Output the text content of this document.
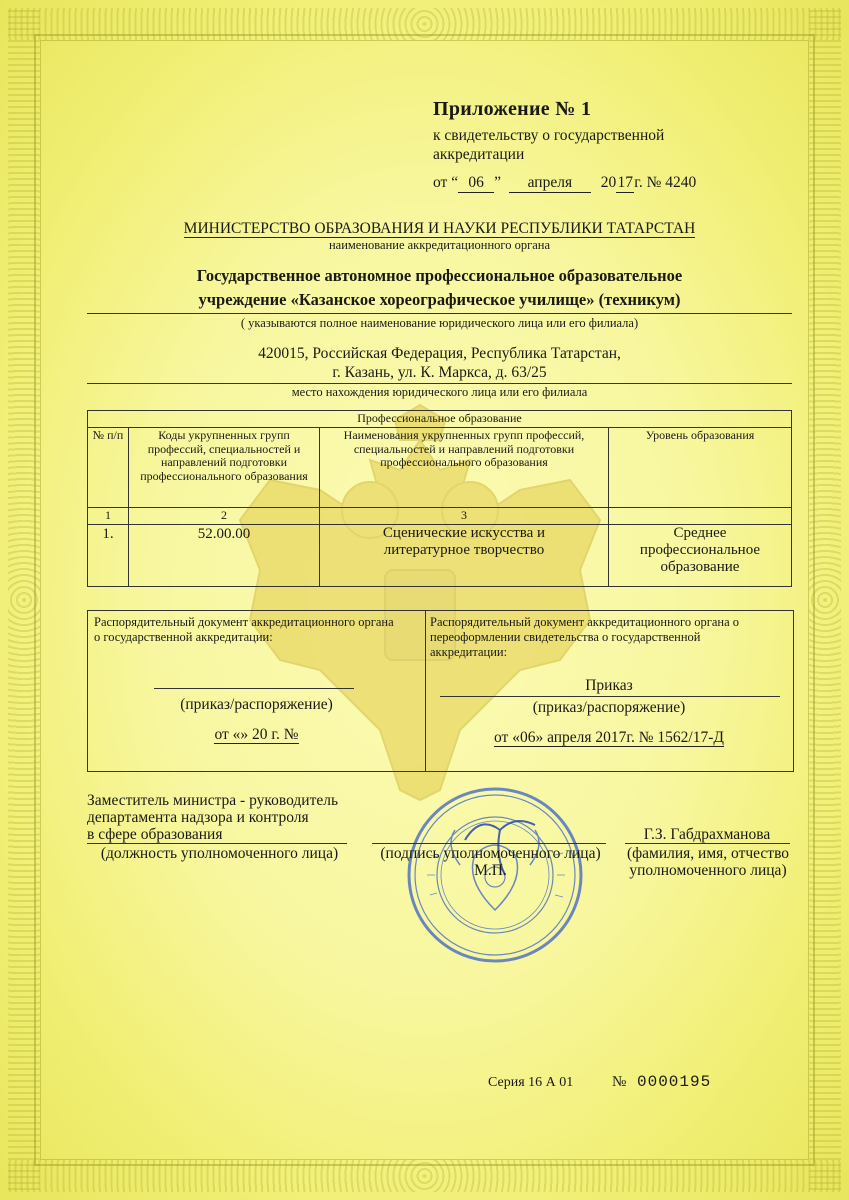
Приложение № 1
к свидетельству о государственной
аккредитации
от “ 06 ” апреля 2017г. № 4240
МИНИСТЕРСТВО ОБРАЗОВАНИЯ И НАУКИ РЕСПУБЛИКИ ТАТАРСТАН
наименование аккредитационного органа
Государственное автономное профессиональное образовательное
учреждение «Казанское хореографическое училище» (техникум)
( указываются полное наименование юридического лица или его филиала)
420015, Российская Федерация, Республика Татарстан,
г. Казань, ул. К. Маркса, д. 63/25
место нахождения юридического лица или его филиала
Профессиональное образование			
№ п/п	Коды укрупненных групп профессий, специальностей и направлений подготовки профессионального образования	Наименования укрупненных групп профессий, специальностей и направлений подготовки профессионального образования	Уровень образования
1	2	3	
1.	52.00.00	Сценические искусства и литературное творчество	Среднее профессиональное образование
Распорядительный документ аккредитационного органа о государственной аккредитации:
(приказ/распоряжение)
от «» 20 г. №
Распорядительный документ аккредитационного органа о переоформлении свидетельства о государственной аккредитации:
Приказ
(приказ/распоряжение)
от «06» апреля 2017г. № 1562/17-Д
Заместитель министра - руководитель
департамента надзора и контроля
в сфере образования
(должность уполномоченного лица)	(подпись уполномоченного лица)
М.П.
Г.З. Габдрахманова
(фамилия, имя, отчество
уполномоченного лица)
Серия 16 А 01	№ 0000195
